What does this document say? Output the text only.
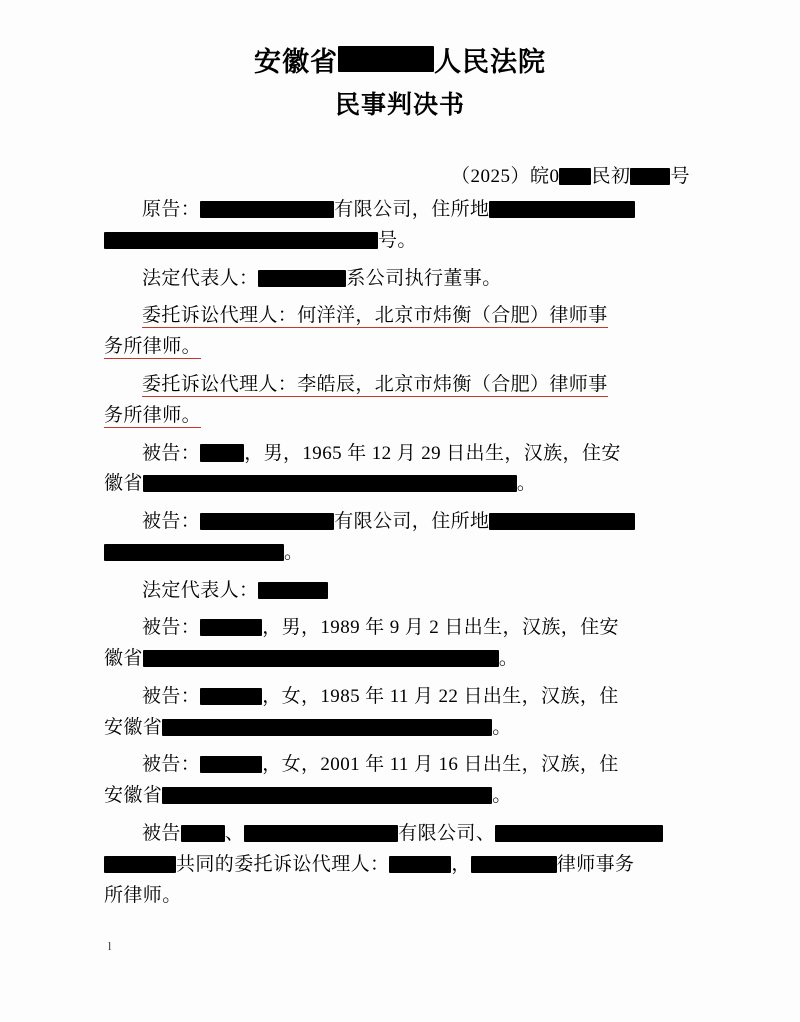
安徽省	人民法院
民事判决书
（2025）皖0 民初 号

原告：	有限公司，住所地
号。

法定代表人：	系公司执行董事。

委托诉讼代理人：何洋洋，北京市炜衡（合肥）律师事
务所律师。

委托诉讼代理人：李皓辰，北京市炜衡（合肥）律师事
务所律师。

被告： ，男，1965 年 12 月 29 日出生，汉族，住安
徽省	。

被告：	有限公司，住所地
。

法定代表人：

被告：	，男，1989 年 9 月 2 日出生，汉族，住安
徽省	。

被告：	，女，1985 年 11 月 22 日出生，汉族，住
安徽省	。

被告：	，女，2001 年 11 月 16 日出生，汉族，住
安徽省	。

被告 、	有限公司、
共同的委托诉讼代理人：	，	律师事务
所律师。

l
